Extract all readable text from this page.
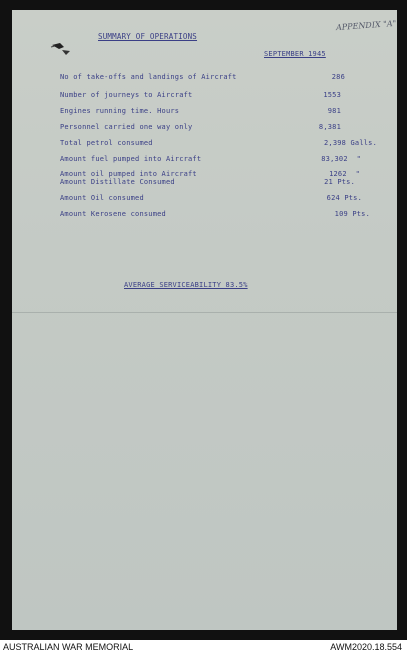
APPENDIX "A"
SUMMARY OF OPERATIONS
SEPTEMBER 1945
No of take-offs and landings of Aircraft	286
Number of journeys to Aircraft	1553
Engines running time. Hours	981
Personnel carried one way only	8,381
Total petrol consumed	2,398 Galls.
Amount fuel pumped into Aircraft	83,302  "
Amount oil pumped into Aircraft	1262  "
Amount Distillate Consumed	21 Pts.
Amount Oil consumed	624 Pts.
Amount Kerosene consumed	109 Pts.
AVERAGE SERVICEABILITY 83.5%
AUSTRALIAN WAR MEMORIAL	AWM2020.18.554
